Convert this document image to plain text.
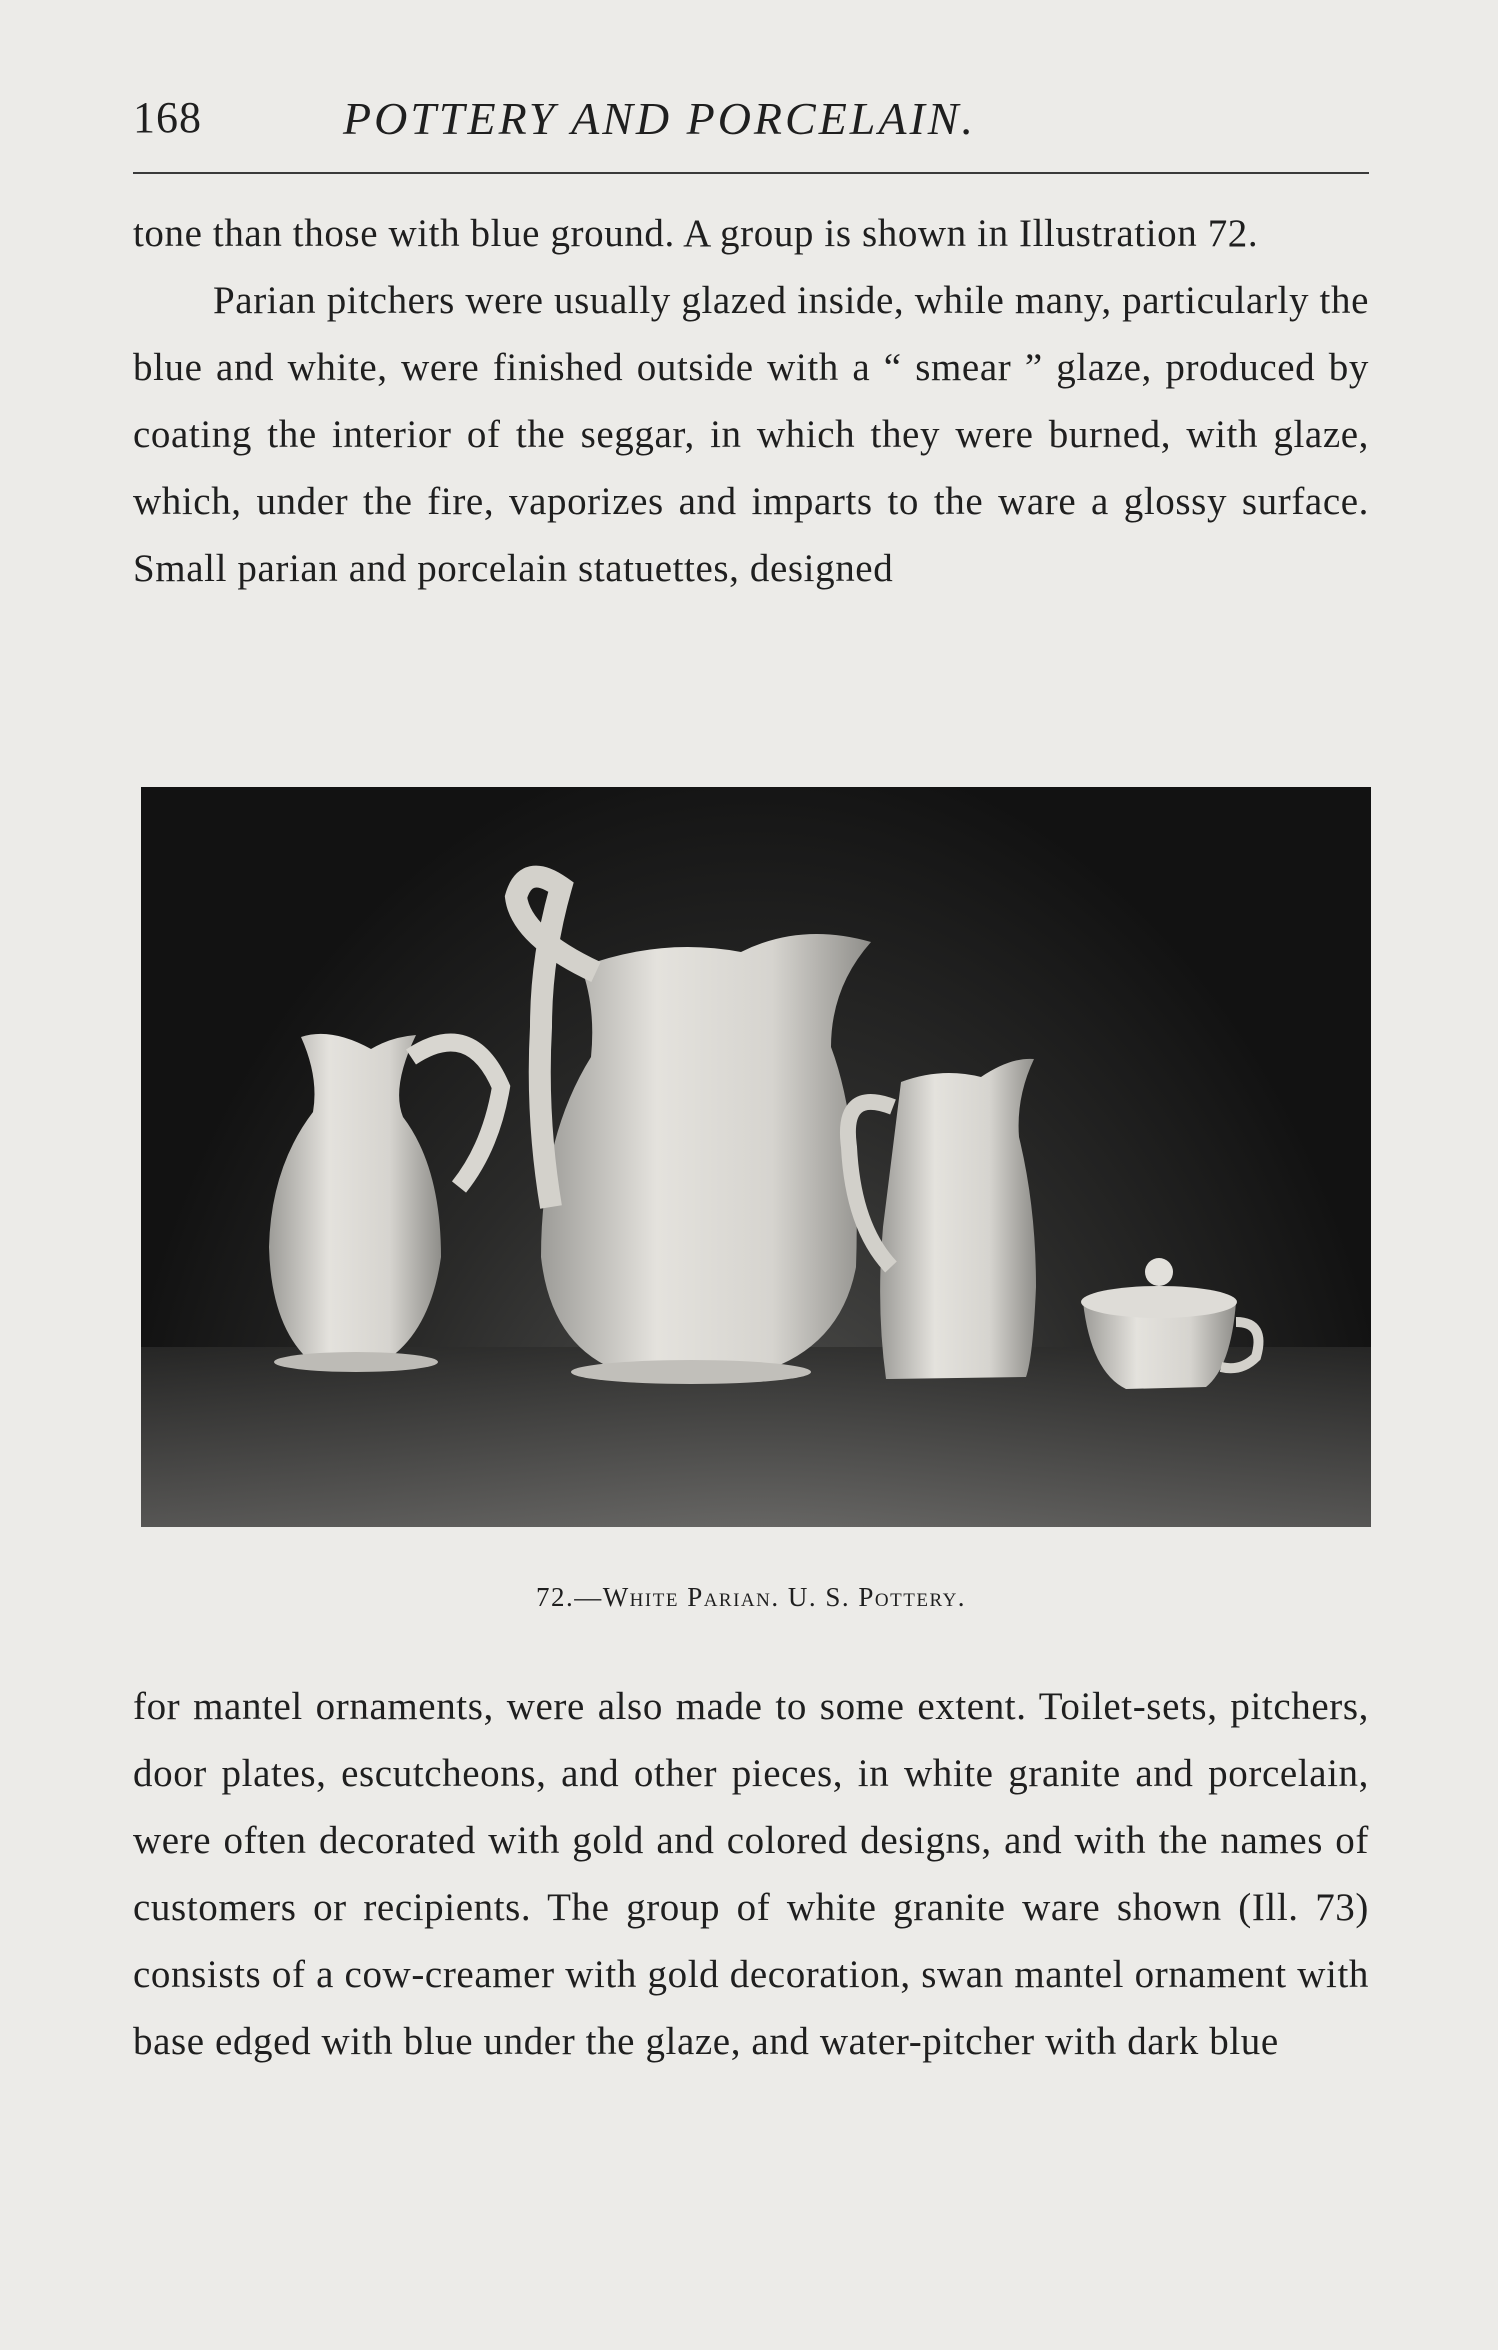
168	POTTERY AND PORCELAIN.

tone than those with blue ground. A group is shown in Illustration 72.

Parian pitchers were usually glazed inside, while many, particularly the blue and white, were finished outside with a “ smear ” glaze, produced by coating the interior of the seggar, in which they were burned, with glaze, which, under the fire, vaporizes and imparts to the ware a glossy surface. Small parian and porcelain statuettes, designed

72.—White Parian. U. S. Pottery.

for mantel ornaments, were also made to some extent. Toilet-sets, pitchers, door plates, escutcheons, and other pieces, in white granite and porcelain, were often decorated with gold and colored designs, and with the names of customers or recipients. The group of white granite ware shown (Ill. 73) consists of a cow-creamer with gold decoration, swan mantel ornament with base edged with blue under the glaze, and water-pitcher with dark blue
